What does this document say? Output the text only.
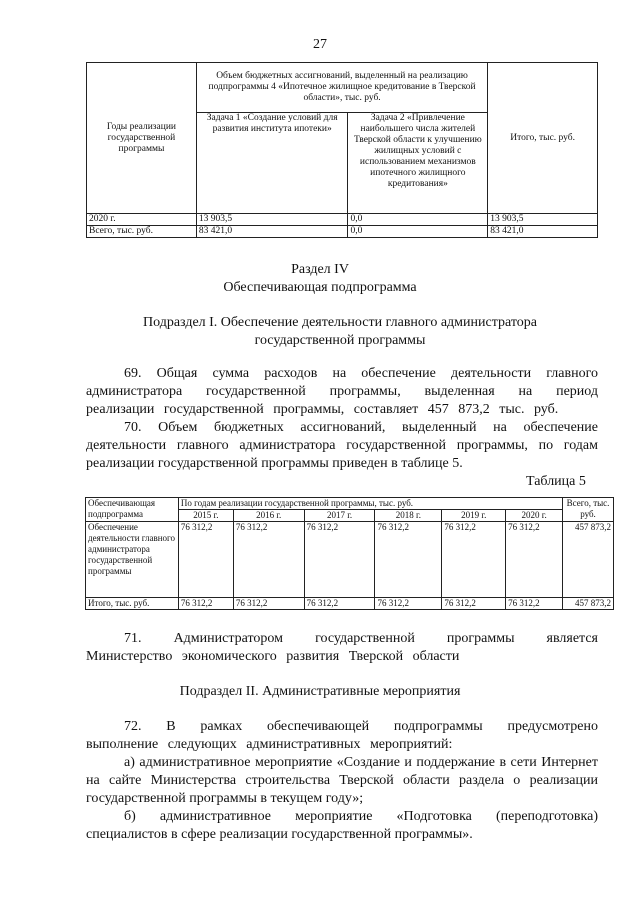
27
Годы реализации государственной программы	Объем бюджетных ассигнований, выделенный на реализацию подпрограммы 4 «Ипотечное жилищное кредитование в Тверской области», тыс. руб.		Итого, тыс. руб.
	Задача 1 «Создание условий для развития института ипотеки»	Задача 2 «Привлечение наибольшего числа жителей Тверской области к улучшению жилищных условий с использованием механизмов ипотечного жилищного кредитования»	
2020 г.	13 903,5	0,0	13 903,5
Всего, тыс. руб.	83 421,0	0,0	83 421,0
Раздел IV
Обеспечивающая подпрограмма
Подраздел I. Обеспечение деятельности главного администратора государственной программы
69. Общая сумма расходов на обеспечение деятельности главного администратора государственной программы, выделенная на период реализации государственной программы, составляет 457 873,2 тыс. руб.
70. Объем бюджетных ассигнований, выделенный на обеспечение деятельности главного администратора государственной программы, по годам реализации государственной программы приведен в таблице 5.
Таблица 5
Обеспечивающая подпрограмма	По годам реализации государственной программы, тыс. руб.						Всего, тыс. руб.
	2015 г.	2016 г.	2017 г.	2018 г.	2019 г.	2020 г.	
Обеспечение деятельности главного администратора государственной программы	76 312,2	76 312,2	76 312,2	76 312,2	76 312,2	76 312,2	457 873,2
Итого, тыс. руб.	76 312,2	76 312,2	76 312,2	76 312,2	76 312,2	76 312,2	457 873,2
71. Администратором государственной программы является Министерство экономического развития Тверской области
Подраздел II. Административные мероприятия
72. В рамках обеспечивающей подпрограммы предусмотрено выполнение следующих административных мероприятий:
а) административное мероприятие «Создание и поддержание в сети Интернет на сайте Министерства строительства Тверской области раздела о реализации государственной программы в текущем году»;
б) административное мероприятие «Подготовка (переподготовка) специалистов в сфере реализации государственной программы».
